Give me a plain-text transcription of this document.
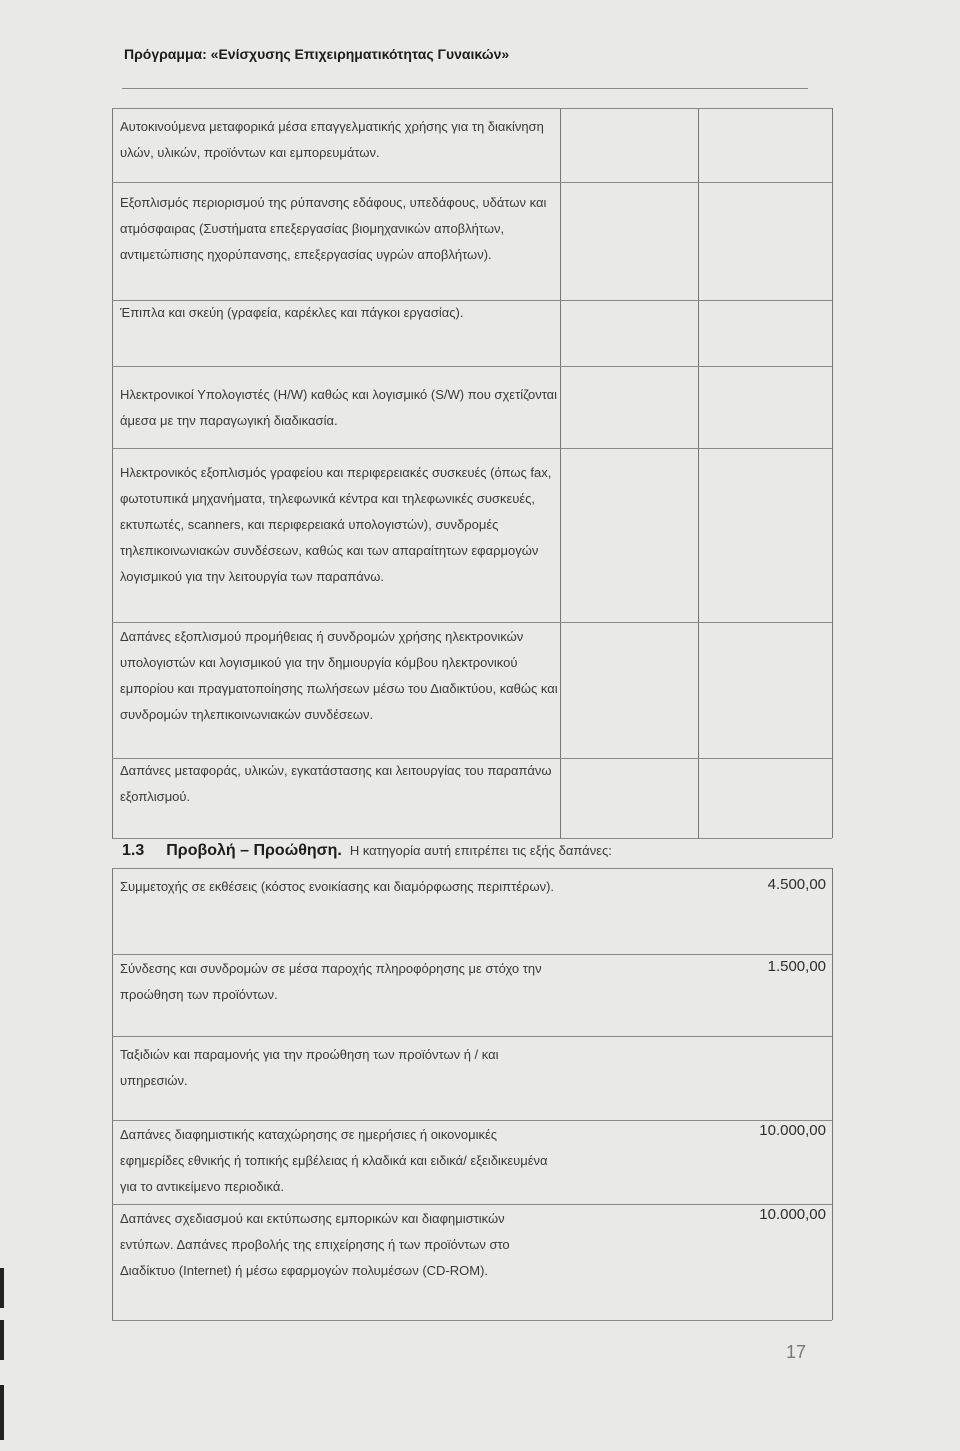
Πρόγραμμα: «Ενίσχυσης Επιχειρηματικότητας Γυναικών»
Αυτοκινούμενα μεταφορικά μέσα επαγγελματικής χρήσης για τη διακίνηση υλών, υλικών, προϊόντων και εμπορευμάτων.
Εξοπλισμός περιορισμού της ρύπανσης εδάφους, υπεδάφους, υδάτων και ατμόσφαιρας (Συστήματα επεξεργασίας βιομηχανικών αποβλήτων, αντιμετώπισης ηχορύπανσης, επεξεργασίας υγρών αποβλήτων).
Έπιπλα και σκεύη (γραφεία, καρέκλες και πάγκοι εργασίας).
Ηλεκτρονικοί Υπολογιστές (H/W) καθώς και λογισμικό (S/W) που σχετίζονται άμεσα με την παραγωγική διαδικασία.
Ηλεκτρονικός εξοπλισμός γραφείου και περιφερειακές συσκευές (όπως fax, φωτοτυπικά μηχανήματα, τηλεφωνικά κέντρα και τηλεφωνικές συσκευές, εκτυπωτές, scanners, και περιφερειακά υπολογιστών), συνδρομές τηλεπικοινωνιακών συνδέσεων, καθώς και των απαραίτητων εφαρμογών λογισμικού για την λειτουργία των παραπάνω.
Δαπάνες εξοπλισμού προμήθειας ή συνδρομών χρήσης ηλεκτρονικών υπολογιστών και λογισμικού για την δημιουργία κόμβου ηλεκτρονικού εμπορίου και πραγματοποίησης πωλήσεων μέσω του Διαδικτύου, καθώς και συνδρομών τηλεπικοινωνιακών συνδέσεων.
Δαπάνες μεταφοράς, υλικών, εγκατάστασης και λειτουργίας του παραπάνω εξοπλισμού.
1.3 Προβολή – Προώθηση. Η κατηγορία αυτή επιτρέπει τις εξής δαπάνες:
Συμμετοχής σε εκθέσεις (κόστος ενοικίασης και διαμόρφωσης περιπτέρων).	4.500,00
Σύνδεσης και συνδρομών σε μέσα παροχής πληροφόρησης με στόχο την προώθηση των προϊόντων.
1.500,00
Ταξιδιών και παραμονής για την προώθηση των προϊόντων ή / και υπηρεσιών.
Δαπάνες διαφημιστικής καταχώρησης σε ημερήσιες ή οικονομικές εφημερίδες εθνικής ή τοπικής εμβέλειας ή κλαδικά και ειδικά/ εξειδικευμένα για το αντικείμενο περιοδικά.
10.000,00
Δαπάνες σχεδιασμού και εκτύπωσης εμπορικών και διαφημιστικών εντύπων. Δαπάνες προβολής της επιχείρησης ή των προϊόντων στο Διαδίκτυο (Internet) ή μέσω εφαρμογών πολυμέσων (CD-ROM).
10.000,00
17
